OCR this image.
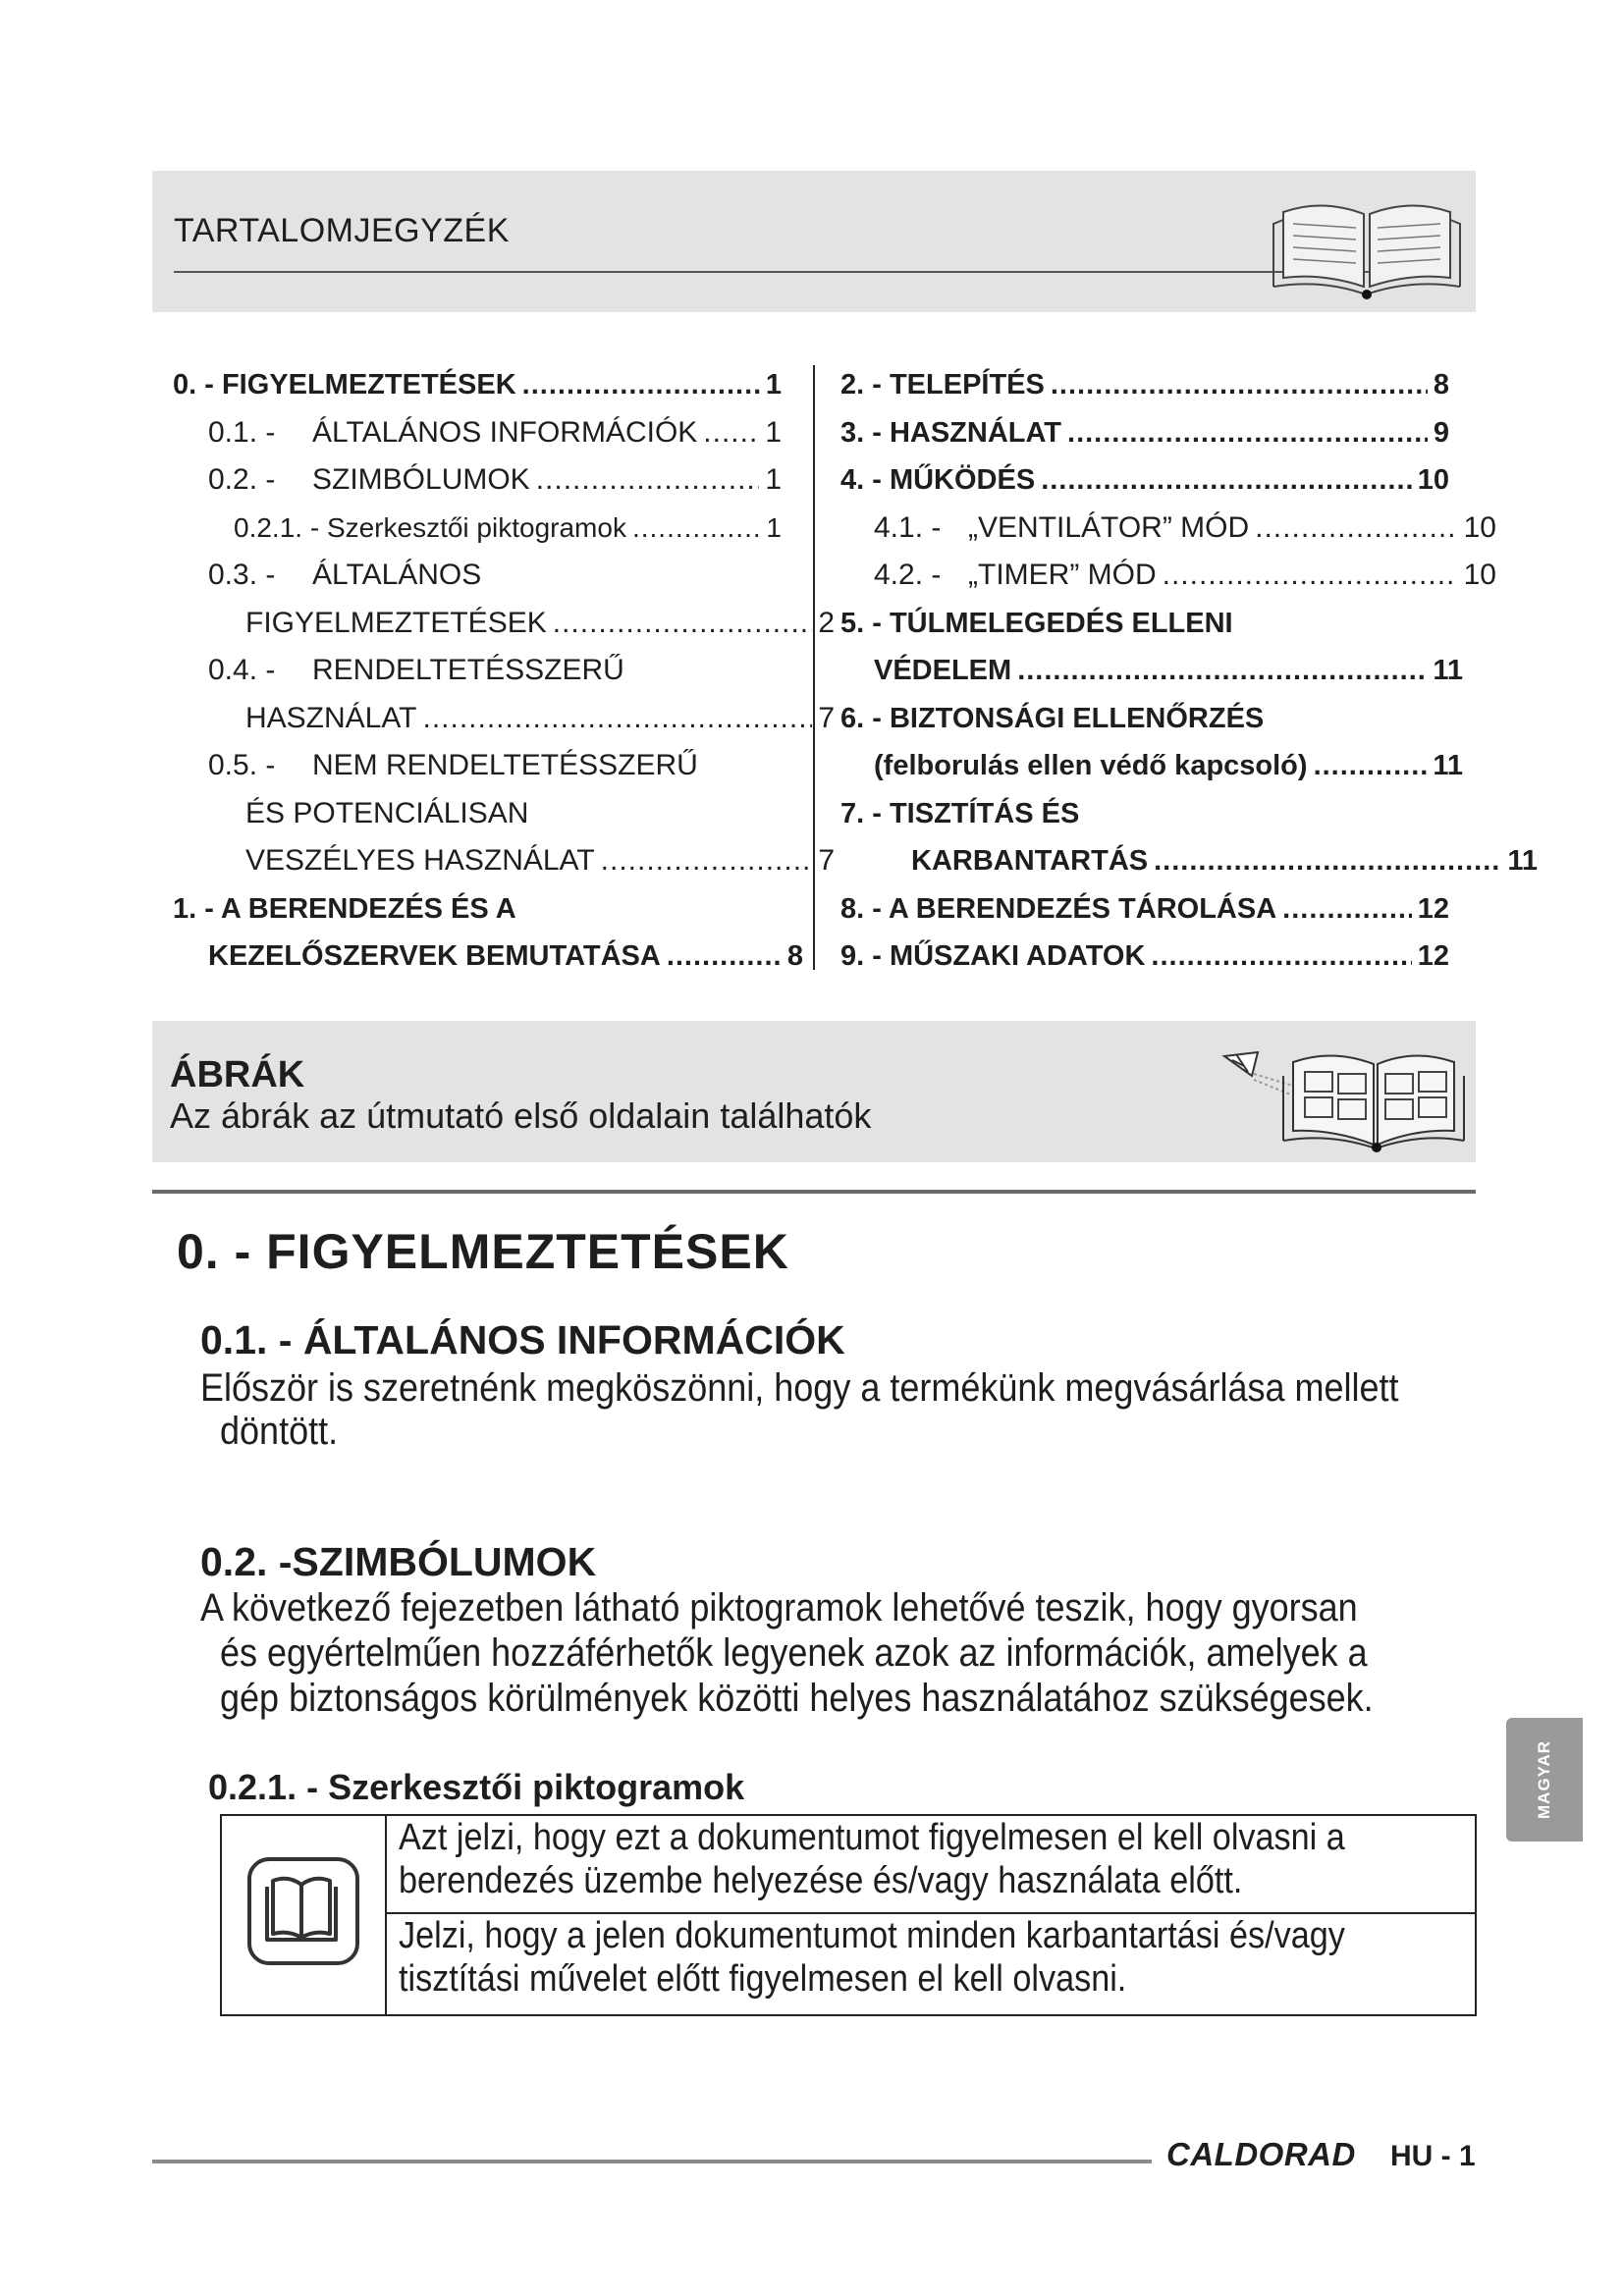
TARTALOMJEGYZÉK
0. - FIGYELMEZTETÉSEK .....	1
0.1. -	ÁLTALÁNOS INFORMÁCIÓK ..... 1
0.2. -	SZIMBÓLUMOK .....	1
0.2.1. - Szerkesztői piktogramok .....	1
0.3. -	ÁLTALÁNOS
FIGYELMEZTETÉSEK .....	2
0.4. -	RENDELTETÉSSZERŰ
HASZNÁLAT .....	7
0.5. -	NEM RENDELTETÉSSZERŰ
ÉS POTENCIÁLISAN
VESZÉLYES HASZNÁLAT .....	7
1. - A BERENDEZÉS ÉS A
KEZELŐSZERVEK BEMUTATÁSA .....	8
2. - TELEPÍTÉS .....	8
3. - HASZNÁLAT .....	9
4. - MŰKÖDÉS .....	10
4.1. - „VENTILÁTOR” MÓD .....	10
4.2. - „TIMER” MÓD .....	10
5. - TÚLMELEGEDÉS ELLENI
VÉDELEM .....	11
6. - BIZTONSÁGI ELLENŐRZÉS
(felborulás ellen védő kapcsoló) .....	11
7. - TISZTÍTÁS ÉS
KARBANTARTÁS .....	11
8. - A BERENDEZÉS TÁROLÁSA .....	12
9. - MŰSZAKI ADATOK .....	12
ÁBRÁK
Az ábrák az útmutató első oldalain találhatók
0. - FIGYELMEZTETÉSEK
0.1. - ÁLTALÁNOS INFORMÁCIÓK
Először is szeretnénk megköszönni, hogy a termékünk megvásárlása mellett
döntött.
0.2. -SZIMBÓLUMOK
A következő fejezetben látható piktogramok lehetővé teszik, hogy gyorsan
és egyértelműen hozzáférhetők legyenek azok az információk, amelyek a
gép biztonságos körülmények közötti helyes használatához szükségesek.
0.2.1. - Szerkesztői piktogramok
Azt jelzi, hogy ezt a dokumentumot figyelmesen el kell olvasni a
berendezés üzembe helyezése és/vagy használata előtt.
Jelzi, hogy a jelen dokumentumot minden karbantartási és/vagy
tisztítási művelet előtt figyelmesen el kell olvasni.
MAGYAR
CALDORAD HU - 1
